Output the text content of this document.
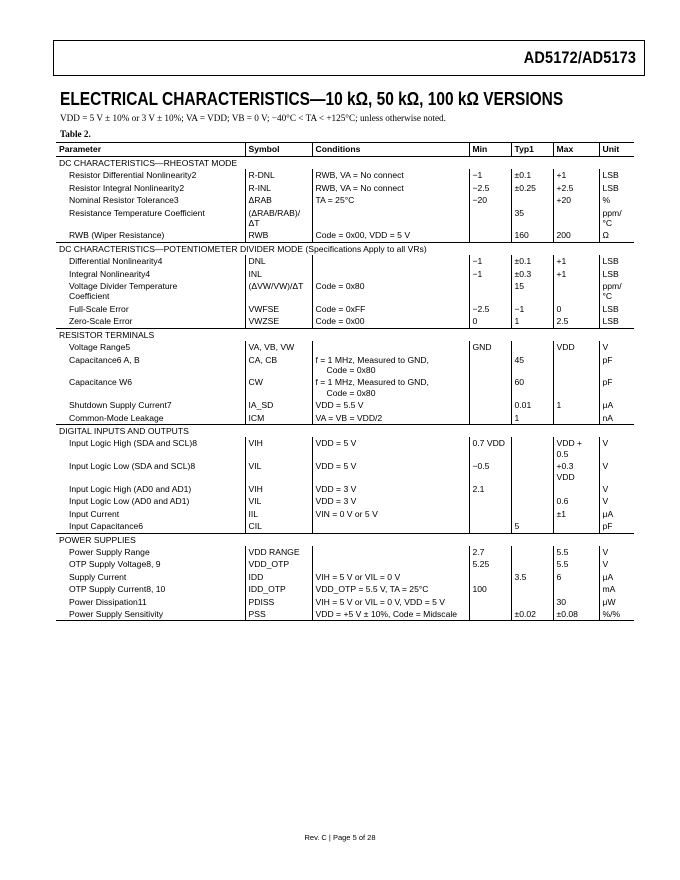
AD5172/AD5173
ELECTRICAL CHARACTERISTICS—10 kΩ, 50 kΩ, 100 kΩ VERSIONS
VDD = 5 V ± 10% or 3 V ± 10%; VA = VDD; VB = 0 V; −40°C < TA < +125°C; unless otherwise noted.
Table 2.
Parameter	Symbol	Conditions	Min	Typ1	Max	Unit
DC CHARACTERISTICS—RHEOSTAT MODE						

Resistor Differential Nonlinearity2	R-DNL	RWB, VA = No connect	−1	±0.1	+1	LSB

Resistor Integral Nonlinearity2	R-INL	RWB, VA = No connect	−2.5	±0.25	+2.5	LSB

Nominal Resistor Tolerance3	ΔRAB	TA = 25°C	−20		+20	%

Resistance Temperature Coefficient	(ΔRAB/RAB)/ΔT			35		ppm/°C

RWB (Wiper Resistance)	RWB	Code = 0x00, VDD = 5 V		160	200	Ω

DC CHARACTERISTICS—POTENTIOMETER DIVIDER MODE (Specifications Apply to all VRs)						

Differential Nonlinearity4	DNL		−1	±0.1	+1	LSB

Integral Nonlinearity4	INL		−1	±0.3	+1	LSB

Voltage Divider Temperature
Coefficient	(ΔVW/VW)/ΔT	Code = 0x80		15		ppm/°C

Full-Scale Error	VWFSE	Code = 0xFF	−2.5	−1	0	LSB

Zero-Scale Error	VWZSE	Code = 0x00	0	1	2.5	LSB

RESISTOR TERMINALS						

Voltage Range5	VA, VB, VW		GND		VDD	V

Capacitance6 A, B	CA, CB	f = 1 MHz, Measured to GND,
Code = 0x80		45		pF

Capacitance W6	CW	f = 1 MHz, Measured to GND,
Code = 0x80		60		pF

Shutdown Supply Current7	IA_SD	VDD = 5.5 V		0.01	1	μA

Common-Mode Leakage	ICM	VA = VB = VDD/2		1		nA

DIGITAL INPUTS AND OUTPUTS						

Input Logic High (SDA and SCL)8	VIH	VDD = 5 V	0.7 VDD		VDD + 0.5	V

Input Logic Low (SDA and SCL)8	VIL	VDD = 5 V	−0.5		+0.3
VDD	V

Input Logic High (AD0 and AD1)	VIH	VDD = 3 V	2.1			V

Input Logic Low (AD0 and AD1)	VIL	VDD = 3 V			0.6	V

Input Current	IIL	VIN = 0 V or 5 V			±1	μA

Input Capacitance6	CIL			5		pF

POWER SUPPLIES						

Power Supply Range	VDD RANGE		2.7		5.5	V

OTP Supply Voltage8, 9	VDD_OTP		5.25		5.5	V

Supply Current	IDD	VIH = 5 V or VIL = 0 V		3.5	6	μA

OTP Supply Current8, 10	IDD_OTP	VDD_OTP = 5.5 V, TA = 25°C	100			mA

Power Dissipation11	PDISS	VIH = 5 V or VIL = 0 V, VDD = 5 V			30	μW

Power Supply Sensitivity	PSS	VDD = +5 V ± 10%, Code = Midscale		±0.02	±0.08	%/%
Rev. C | Page 5 of 28
